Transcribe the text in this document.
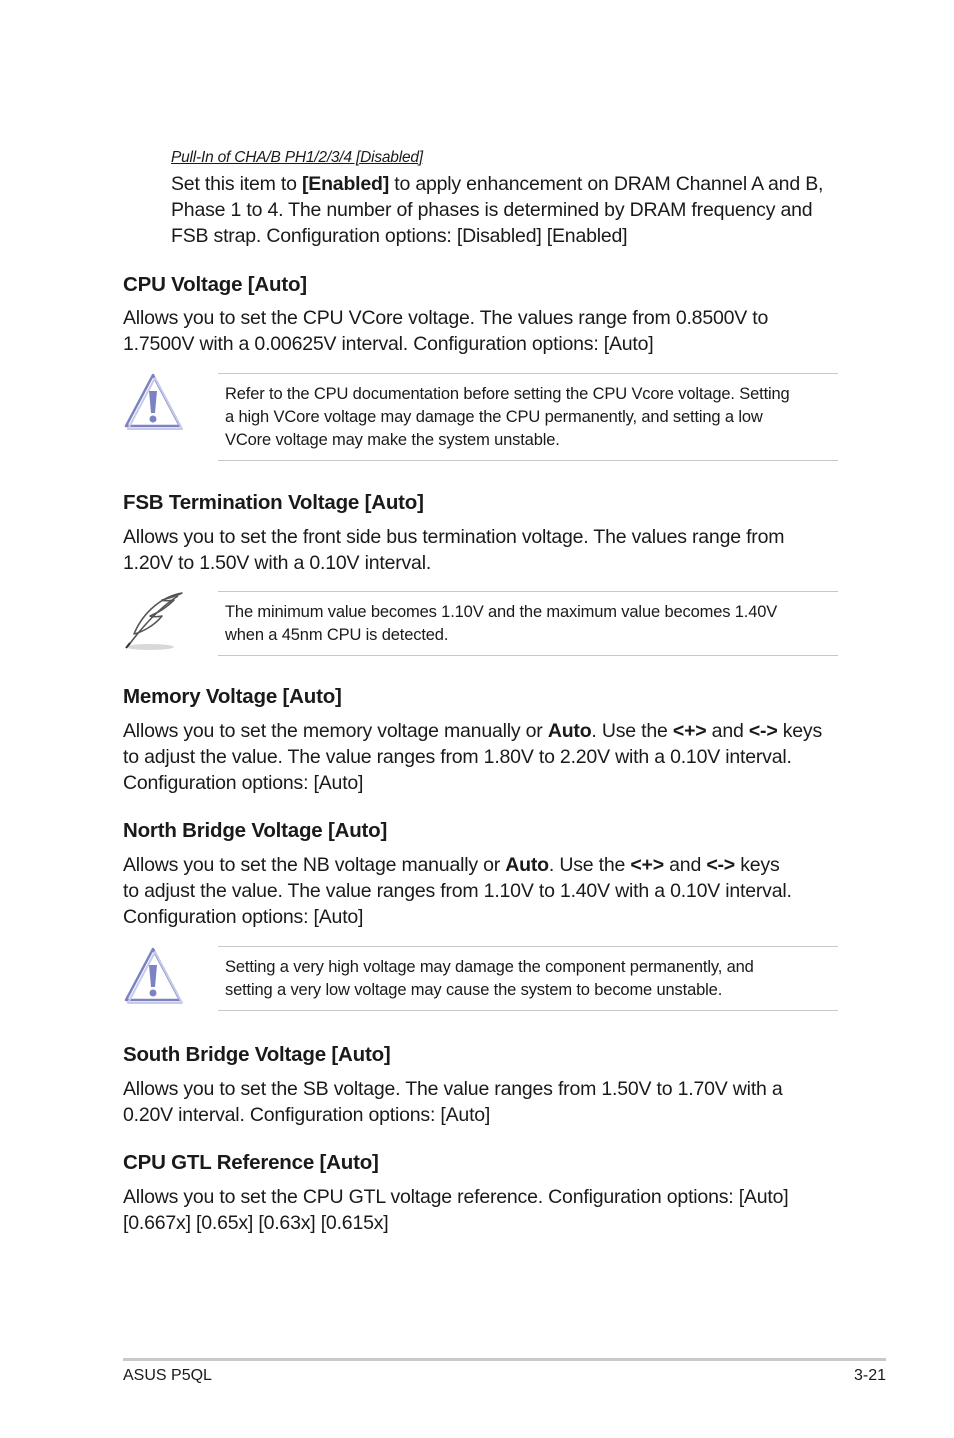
Pull-In of CHA/B PH1/2/3/4 [Disabled]
Set this item to [Enabled] to apply enhancement on DRAM Channel A and B,
Phase 1 to 4. The number of phases is determined by DRAM frequency and
FSB strap. Configuration options: [Disabled] [Enabled]
CPU Voltage [Auto]
Allows you to set the CPU VCore voltage. The values range from 0.8500V to
1.7500V with a 0.00625V interval. Configuration options: [Auto]
Refer to the CPU documentation before setting the CPU Vcore voltage. Setting
a high VCore voltage may damage the CPU permanently, and setting a low
VCore voltage may make the system unstable.
FSB Termination Voltage [Auto]
Allows you to set the front side bus termination voltage. The values range from
1.20V to 1.50V with a 0.10V interval.
The minimum value becomes 1.10V and the maximum value becomes 1.40V
when a 45nm CPU is detected.
Memory Voltage [Auto]
Allows you to set the memory voltage manually or Auto. Use the <+> and <-> keys
to adjust the value. The value ranges from 1.80V to 2.20V with a 0.10V interval.
Configuration options: [Auto]
North Bridge Voltage [Auto]
Allows you to set the NB voltage manually or Auto. Use the <+> and <-> keys
to adjust the value. The value ranges from 1.10V to 1.40V with a 0.10V interval.
Configuration options: [Auto]
Setting a very high voltage may damage the component permanently, and
setting a very low voltage may cause the system to become unstable.
South Bridge Voltage [Auto]
Allows you to set the SB voltage. The value ranges from 1.50V to 1.70V with a
0.20V interval. Configuration options: [Auto]
CPU GTL Reference [Auto]
Allows you to set the CPU GTL voltage reference. Configuration options: [Auto]
[0.667x] [0.65x] [0.63x] [0.615x]
ASUS P5QL	3-21
